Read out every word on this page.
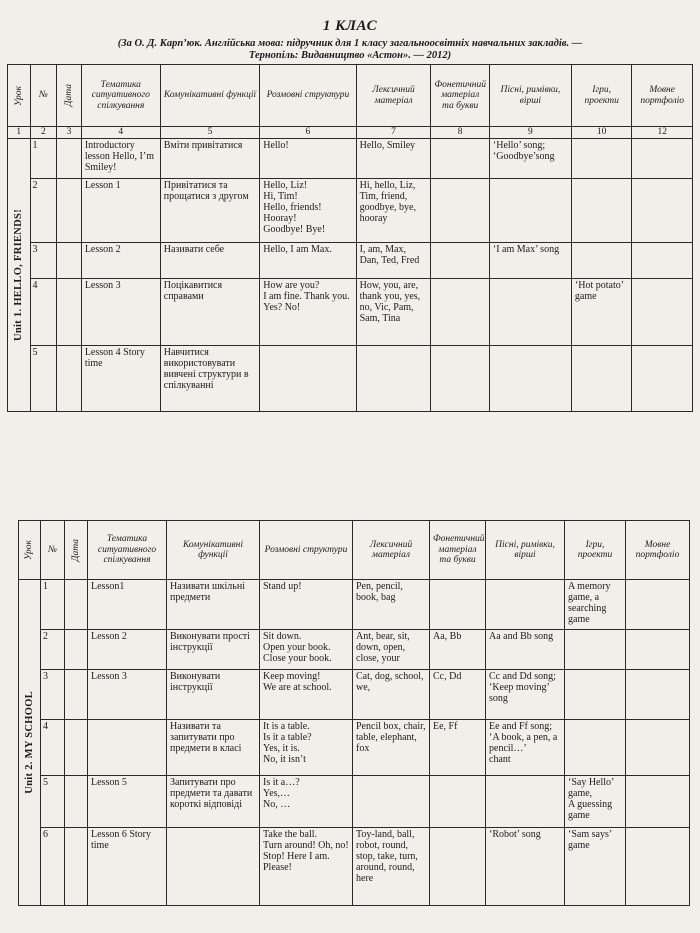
1 КЛАС
(За О. Д. Карп’юк. Англійська мова: підручник для 1 класу загальноосвітніх навчальних закладів. —
Тернопіль: Видавництво «Астон». — 2012)
Урок	№	Дата	Тематика ситуативного спілкування	Комунікативні функції	Розмовні структури	Лексичний матеріал	Фонетичний матеріал та букви	Пісні, римівки, вірші	Ігри, проекти	Мовне портфоліо
1	2	3	4	5	6	7	8	9	10	12

Unit 1. HELLO, FRIENDS!	1		Introductory lesson Hello, I’m Smiley!	Вміти привітатися	Hello!	Hello, Smiley		‘Hello’ song;
‘Goodbye’song		
	2		Lesson 1	Привітатися та прощатися з другом	Hello, Liz!
Hi, Tim!
Hello, friends!
Hooray!
Goodbye! Bye!	Hi, hello, Liz, Tim, friend, goodbye, bye, hooray				
	3		Lesson 2	Називати себе	Hello, I am Max.	I, am, Max, Dan, Ted, Fred		‘I am Max’ song		
	4		Lesson 3	Поцікавитися справами	How are you?
I am fine. Thank you.
Yes? No!	How, you, are, thank you, yes, no, Vic, Pam, Sam, Tina			‘Hot potato’ game	
	5		Lesson 4 Story time	Навчитися використовувати вивчені структури в спілкуванні						
Урок	№	Дата	Тематика ситуативного спілкування	Комунікативні функції	Розмовні структури	Лексичний матеріал	Фонетичний матеріал та букви	Пісні, римівки, вірші	Ігри, проекти	Мовне портфоліо

Unit 2. MY SCHOOL	1		Lesson1	Називати шкільні предмети	Stand up!	Pen, pencil, book, bag			A memory game, a searching game	
	2		Lesson 2	Виконувати прості інструкції	Sit down.
Open your book.
Close your book.	Ant, bear, sit, down, open, close, your	Aa, Bb	Aa and Bb song		
	3		Lesson 3	Виконувати інструкції	Keep moving!
We are at school.	Cat, dog, school, we,	Cc, Dd	Cc and Dd song;
‘Keep moving’ song		
	4			Називати та запитувати про предмети в класі	It is a table.
Is it a table?
Yes, it is.
No, it isn’t	Pencil box, chair, table, elephant, fox	Ee, Ff	Ee and Ff song;
‘A book, a pen, a pencil…’
chant		
	5		Lesson 5	Запитувати про предмети та давати короткі відповіді	Is it a…?
Yes,…
No, …				‘Say Hello’ game,
A guessing game	
	6		Lesson 6 Story time		Take the ball.
Turn around! Oh, no! Stop! Here I am.
Please!	Toy-land, ball, robot, round, stop, take, turn, around, round, here		‘Robot’ song	‘Sam says’ game	
